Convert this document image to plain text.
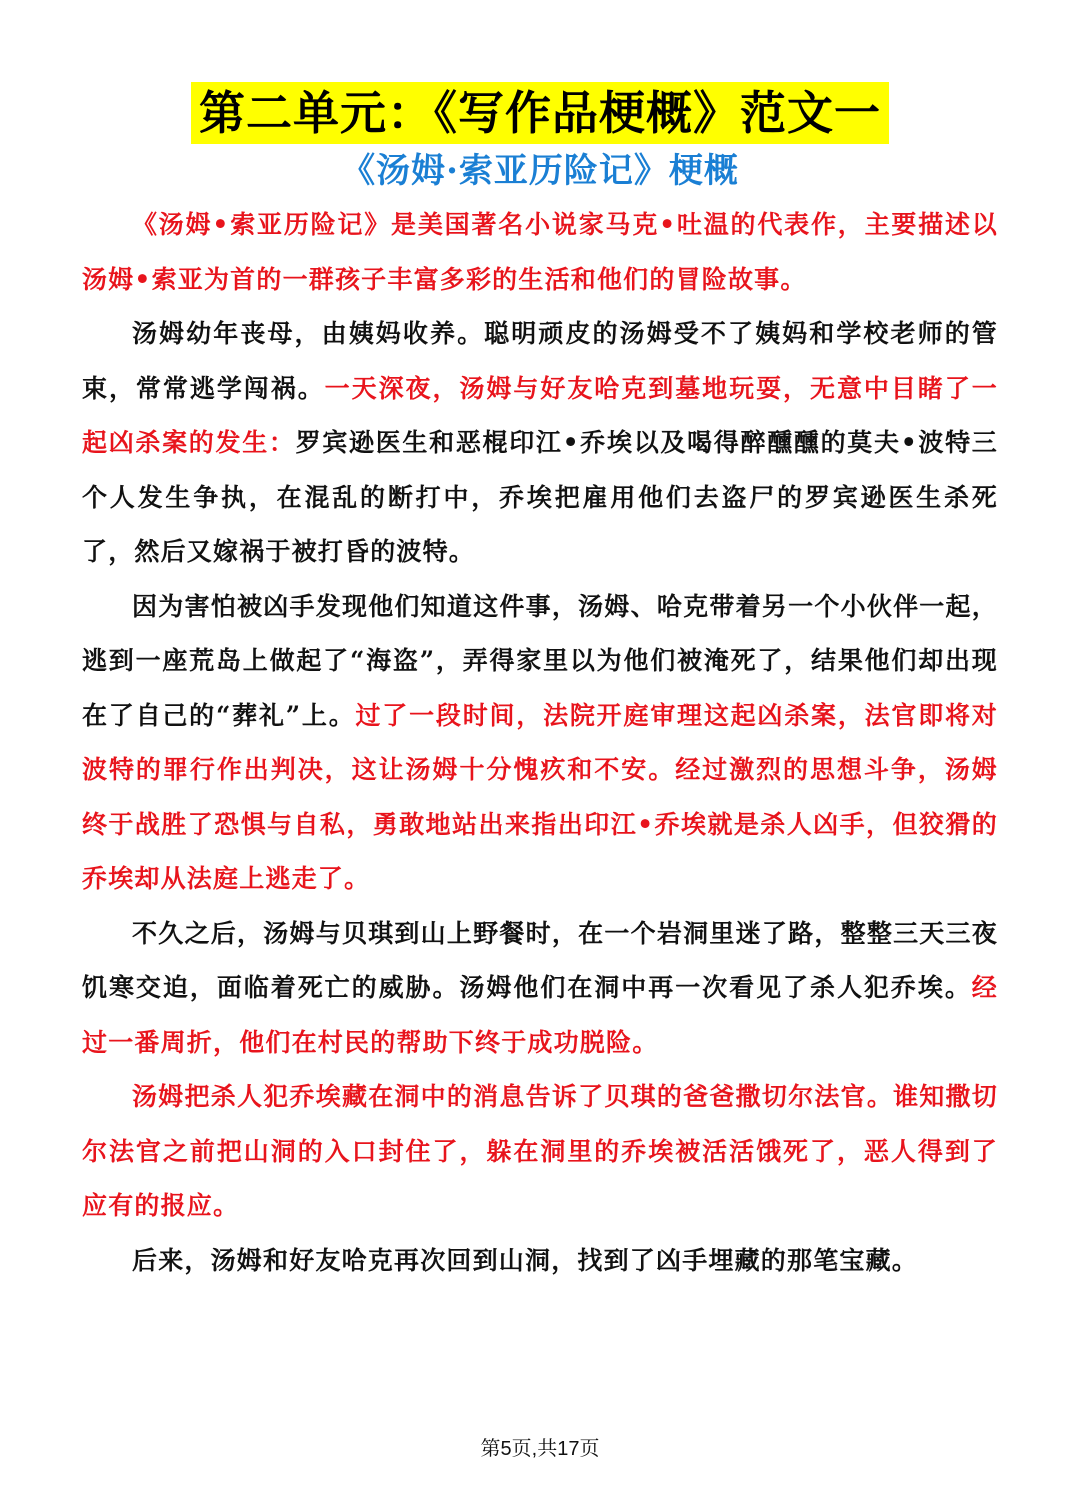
第二单元：《写作品梗概》范文一
《汤姆·索亚历险记》梗概

《汤姆•索亚历险记》是美国著名小说家马克•吐温的代表作，主要描述以汤姆•索亚为首的一群孩子丰富多彩的生活和他们的冒险故事。

汤姆幼年丧母，由姨妈收养。聪明顽皮的汤姆受不了姨妈和学校老师的管束，常常逃学闯祸。一天深夜，汤姆与好友哈克到墓地玩耍，无意中目睹了一起凶杀案的发生：罗宾逊医生和恶棍印江•乔埃以及喝得醉醺醺的莫夫•波特三个人发生争执，在混乱的断打中，乔埃把雇用他们去盗尸的罗宾逊医生杀死了，然后又嫁祸于被打昏的波特。

因为害怕被凶手发现他们知道这件事，汤姆、哈克带着另一个小伙伴一起，逃到一座荒岛上做起了“海盗”，弄得家里以为他们被淹死了，结果他们却出现在了自己的“葬礼”上。过了一段时间，法院开庭审理这起凶杀案，法官即将对波特的罪行作出判决，这让汤姆十分愧疚和不安。经过激烈的思想斗争，汤姆终于战胜了恐惧与自私，勇敢地站出来指出印江•乔埃就是杀人凶手，但狡猾的乔埃却从法庭上逃走了。

不久之后，汤姆与贝琪到山上野餐时，在一个岩洞里迷了路，整整三天三夜饥寒交迫，面临着死亡的威胁。汤姆他们在洞中再一次看见了杀人犯乔埃。经过一番周折，他们在村民的帮助下终于成功脱险。

汤姆把杀人犯乔埃藏在洞中的消息告诉了贝琪的爸爸撒切尔法官。谁知撒切尔法官之前把山洞的入口封住了，躲在洞里的乔埃被活活饿死了，恶人得到了应有的报应。

后来，汤姆和好友哈克再次回到山洞，找到了凶手埋藏的那笔宝藏。

第5页,共17页
